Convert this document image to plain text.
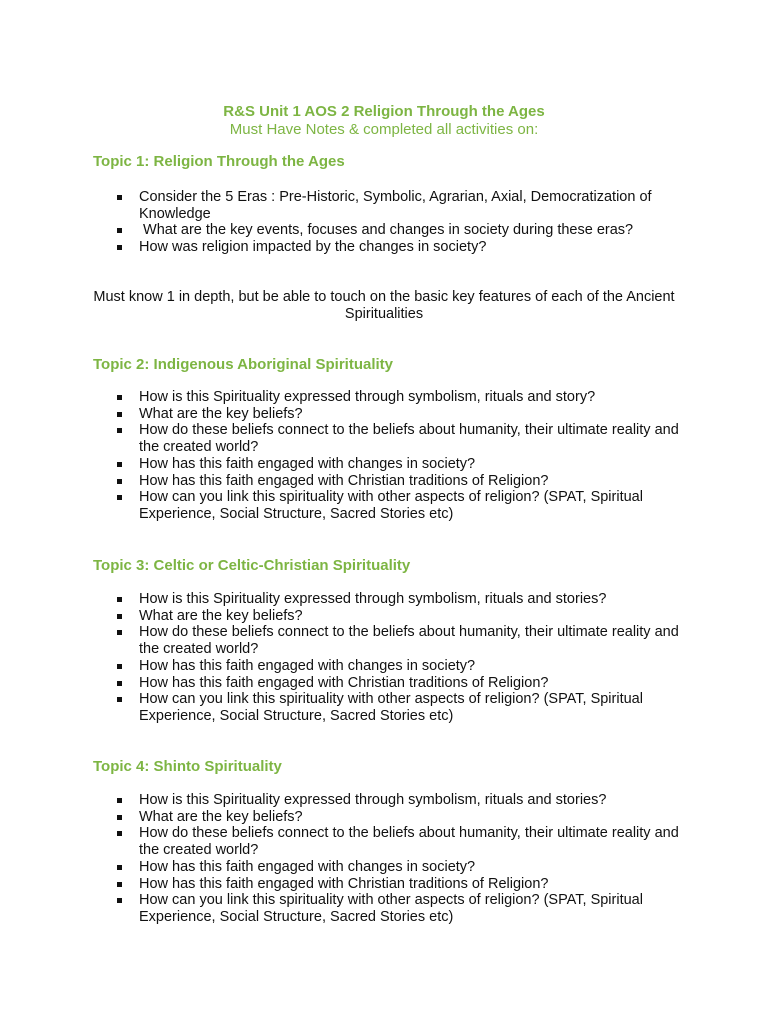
R&S Unit 1 AOS 2 Religion Through the Ages
Must Have Notes & completed all activities on:
Topic 1: Religion Through the Ages
Consider the 5 Eras : Pre-Historic, Symbolic, Agrarian, Axial, Democratization of Knowledge
What are the key events, focuses and changes in society during these eras?
How was religion impacted by the changes in society?
Must know 1 in depth, but be able to touch on the basic key features of each of the Ancient Spiritualities
Topic 2: Indigenous Aboriginal Spirituality
How is this Spirituality expressed through symbolism, rituals and story?
What are the key beliefs?
How do these beliefs connect to the beliefs about humanity, their ultimate reality and the created world?
How has this faith engaged with changes in society?
How has this faith engaged with Christian traditions of Religion?
How can you link this spirituality with other aspects of religion? (SPAT, Spiritual Experience, Social Structure, Sacred Stories etc)
Topic 3: Celtic or Celtic-Christian Spirituality
How is this Spirituality expressed through symbolism, rituals and stories?
What are the key beliefs?
How do these beliefs connect to the beliefs about humanity, their ultimate reality and the created world?
How has this faith engaged with changes in society?
How has this faith engaged with Christian traditions of Religion?
How can you link this spirituality with other aspects of religion? (SPAT, Spiritual Experience, Social Structure, Sacred Stories etc)
Topic 4: Shinto Spirituality
How is this Spirituality expressed through symbolism, rituals and stories?
What are the key beliefs?
How do these beliefs connect to the beliefs about humanity, their ultimate reality and the created world?
How has this faith engaged with changes in society?
How has this faith engaged with Christian traditions of Religion?
How can you link this spirituality with other aspects of religion? (SPAT, Spiritual Experience, Social Structure, Sacred Stories etc)
